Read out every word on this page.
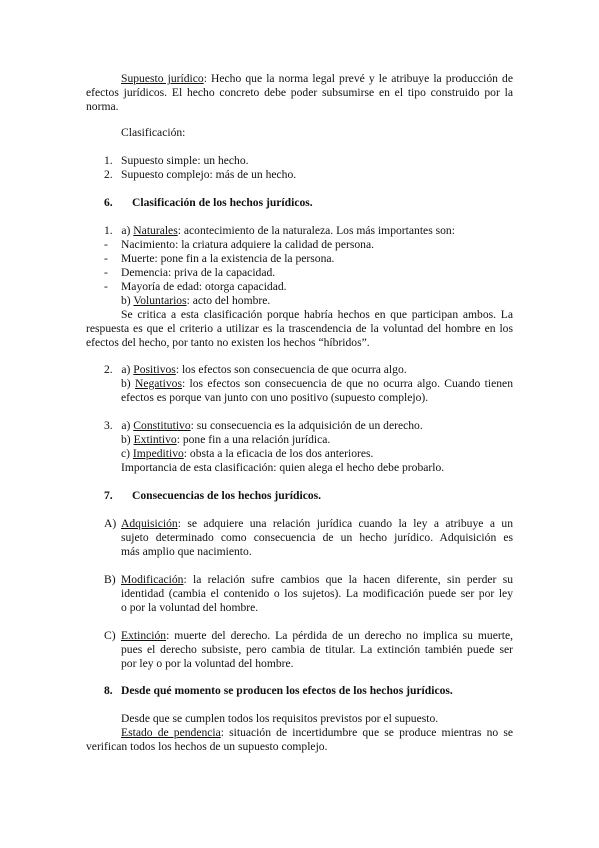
Supuesto jurídico: Hecho que la norma legal prevé y le atribuye la producción de
efectos jurídicos. El hecho concreto debe poder subsumirse en el tipo construido por la
norma.
Clasificación:
1. Supuesto simple: un hecho.
2. Supuesto complejo: más de un hecho.
6. Clasificación de los hechos jurídicos.
1.   a) Naturales: acontecimiento de la naturaleza. Los más importantes son:
- Nacimiento: la criatura adquiere la calidad de persona.
- Muerte: pone fin a la existencia de la persona.
- Demencia: priva de la capacidad.
- Mayoría de edad: otorga capacidad.
b) Voluntarios: acto del hombre.
Se critica a esta clasificación porque habría hechos en que participan ambos. La
respuesta es que el criterio a utilizar es la trascendencia de la voluntad del hombre en los
efectos del hecho, por tanto no existen los hechos “híbridos”.
2.   a) Positivos: los efectos son consecuencia de que ocurra algo.
b) Negativos: los efectos son consecuencia de que no ocurra algo. Cuando tienen
efectos es porque van junto con uno positivo (supuesto complejo).
3.   a) Constitutivo: su consecuencia es la adquisición de un derecho.
b) Extintivo: pone fin a una relación jurídica.
c) Impeditivo: obsta a la eficacia de los dos anteriores.
Importancia de esta clasificación: quien alega el hecho debe probarlo.
7. Consecuencias de los hechos jurídicos.
A) Adquisición: se adquiere una relación jurídica cuando la ley a atribuye a un
sujeto determinado como consecuencia de un hecho jurídico. Adquisición es
más amplio que nacimiento.
B) Modificación: la relación sufre cambios que la hacen diferente, sin perder su
identidad (cambia el contenido o los sujetos). La modificación puede ser por ley
o por la voluntad del hombre.
C) Extinción: muerte del derecho. La pérdida de un derecho no implica su muerte,
pues el derecho subsiste, pero cambia de titular. La extinción también puede ser
por ley o por la voluntad del hombre.
8. Desde qué momento se producen los efectos de los hechos jurídicos.
Desde que se cumplen todos los requisitos previstos por el supuesto.
Estado de pendencia: situación de incertidumbre que se produce mientras no se
verifican todos los hechos de un supuesto complejo.
